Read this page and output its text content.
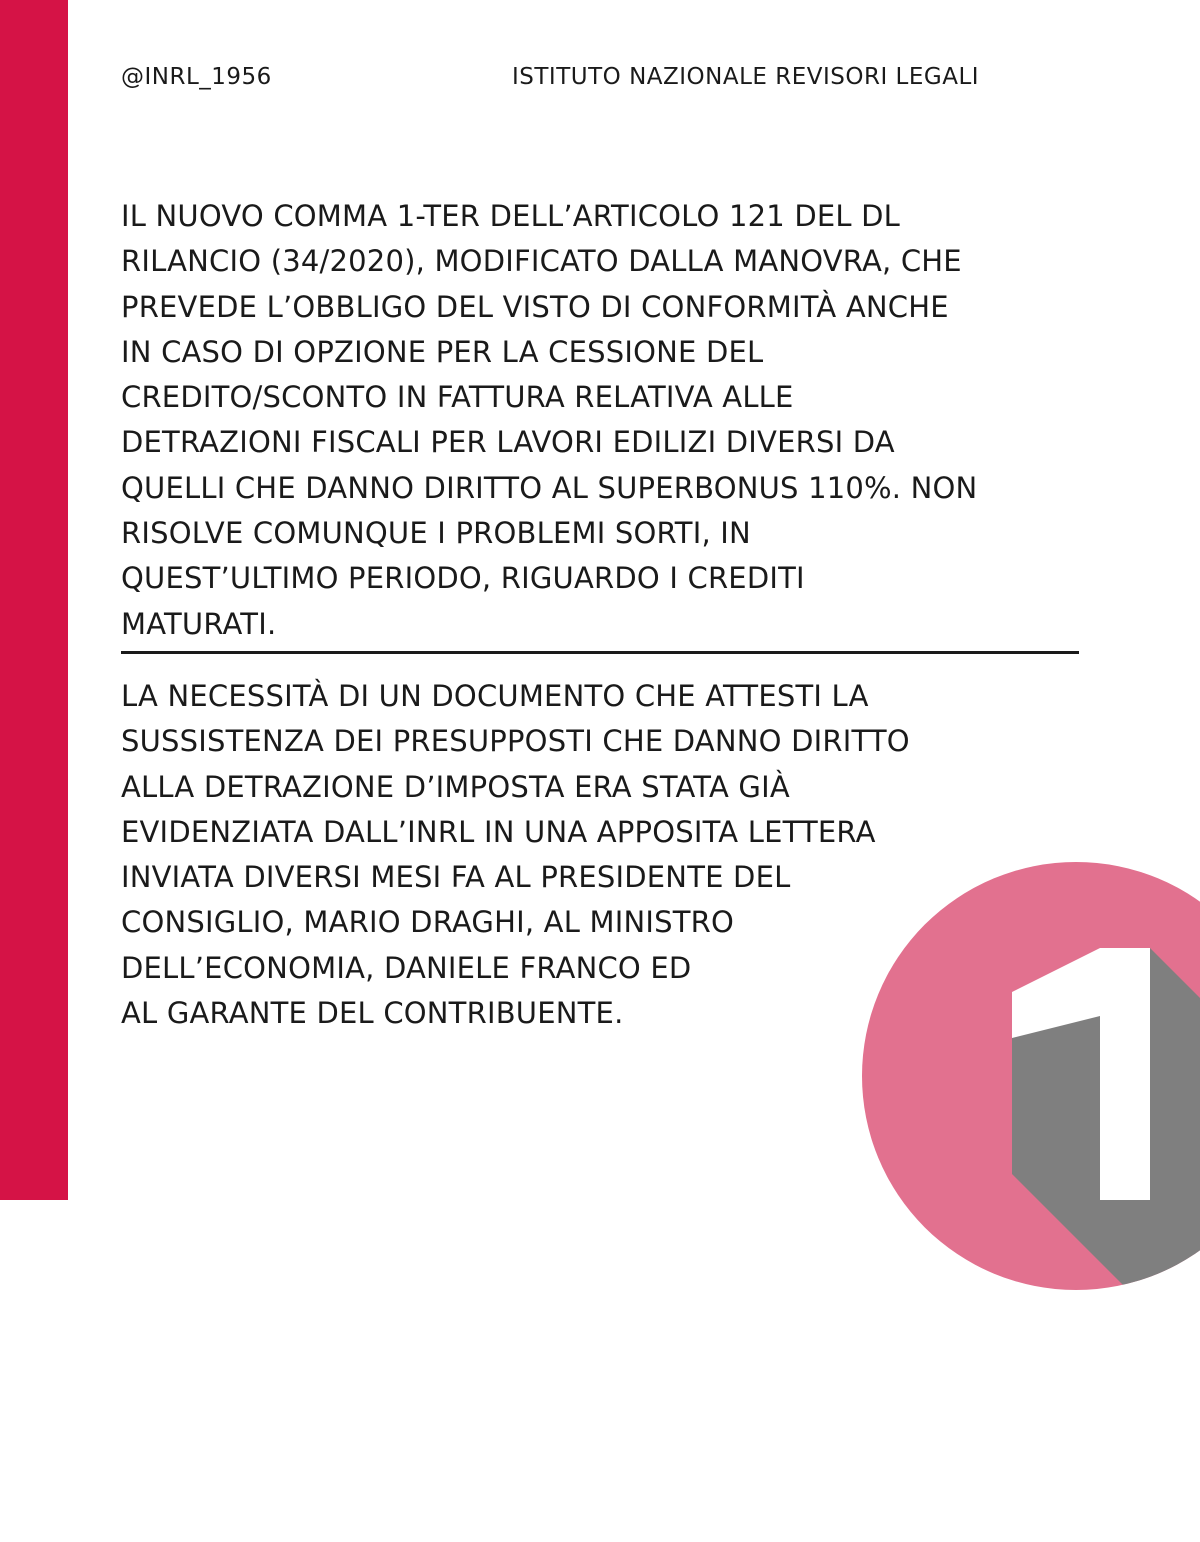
@INRL_1956	ISTITUTO NAZIONALE REVISORI LEGALI

IL NUOVO COMMA 1-TER DELL’ARTICOLO 121 DEL DL
RILANCIO (34/2020), MODIFICATO DALLA MANOVRA, CHE
PREVEDE L’OBBLIGO DEL VISTO DI CONFORMITÀ ANCHE
IN CASO DI OPZIONE PER LA CESSIONE DEL
CREDITO/SCONTO IN FATTURA RELATIVA ALLE
DETRAZIONI FISCALI PER LAVORI EDILIZI DIVERSI DA
QUELLI CHE DANNO DIRITTO AL SUPERBONUS 110%. NON
RISOLVE COMUNQUE I PROBLEMI SORTI, IN
QUEST’ULTIMO PERIODO, RIGUARDO I CREDITI
MATURATI.

LA NECESSITÀ DI UN DOCUMENTO CHE ATTESTI LA
SUSSISTENZA DEI PRESUPPOSTI CHE DANNO DIRITTO
ALLA DETRAZIONE D’IMPOSTA ERA STATA GIÀ
EVIDENZIATA DALL’INRL IN UNA APPOSITA LETTERA
INVIATA DIVERSI MESI FA AL PRESIDENTE DEL
CONSIGLIO, MARIO DRAGHI, AL MINISTRO
DELL’ECONOMIA, DANIELE FRANCO ED
AL GARANTE DEL CONTRIBUENTE.
